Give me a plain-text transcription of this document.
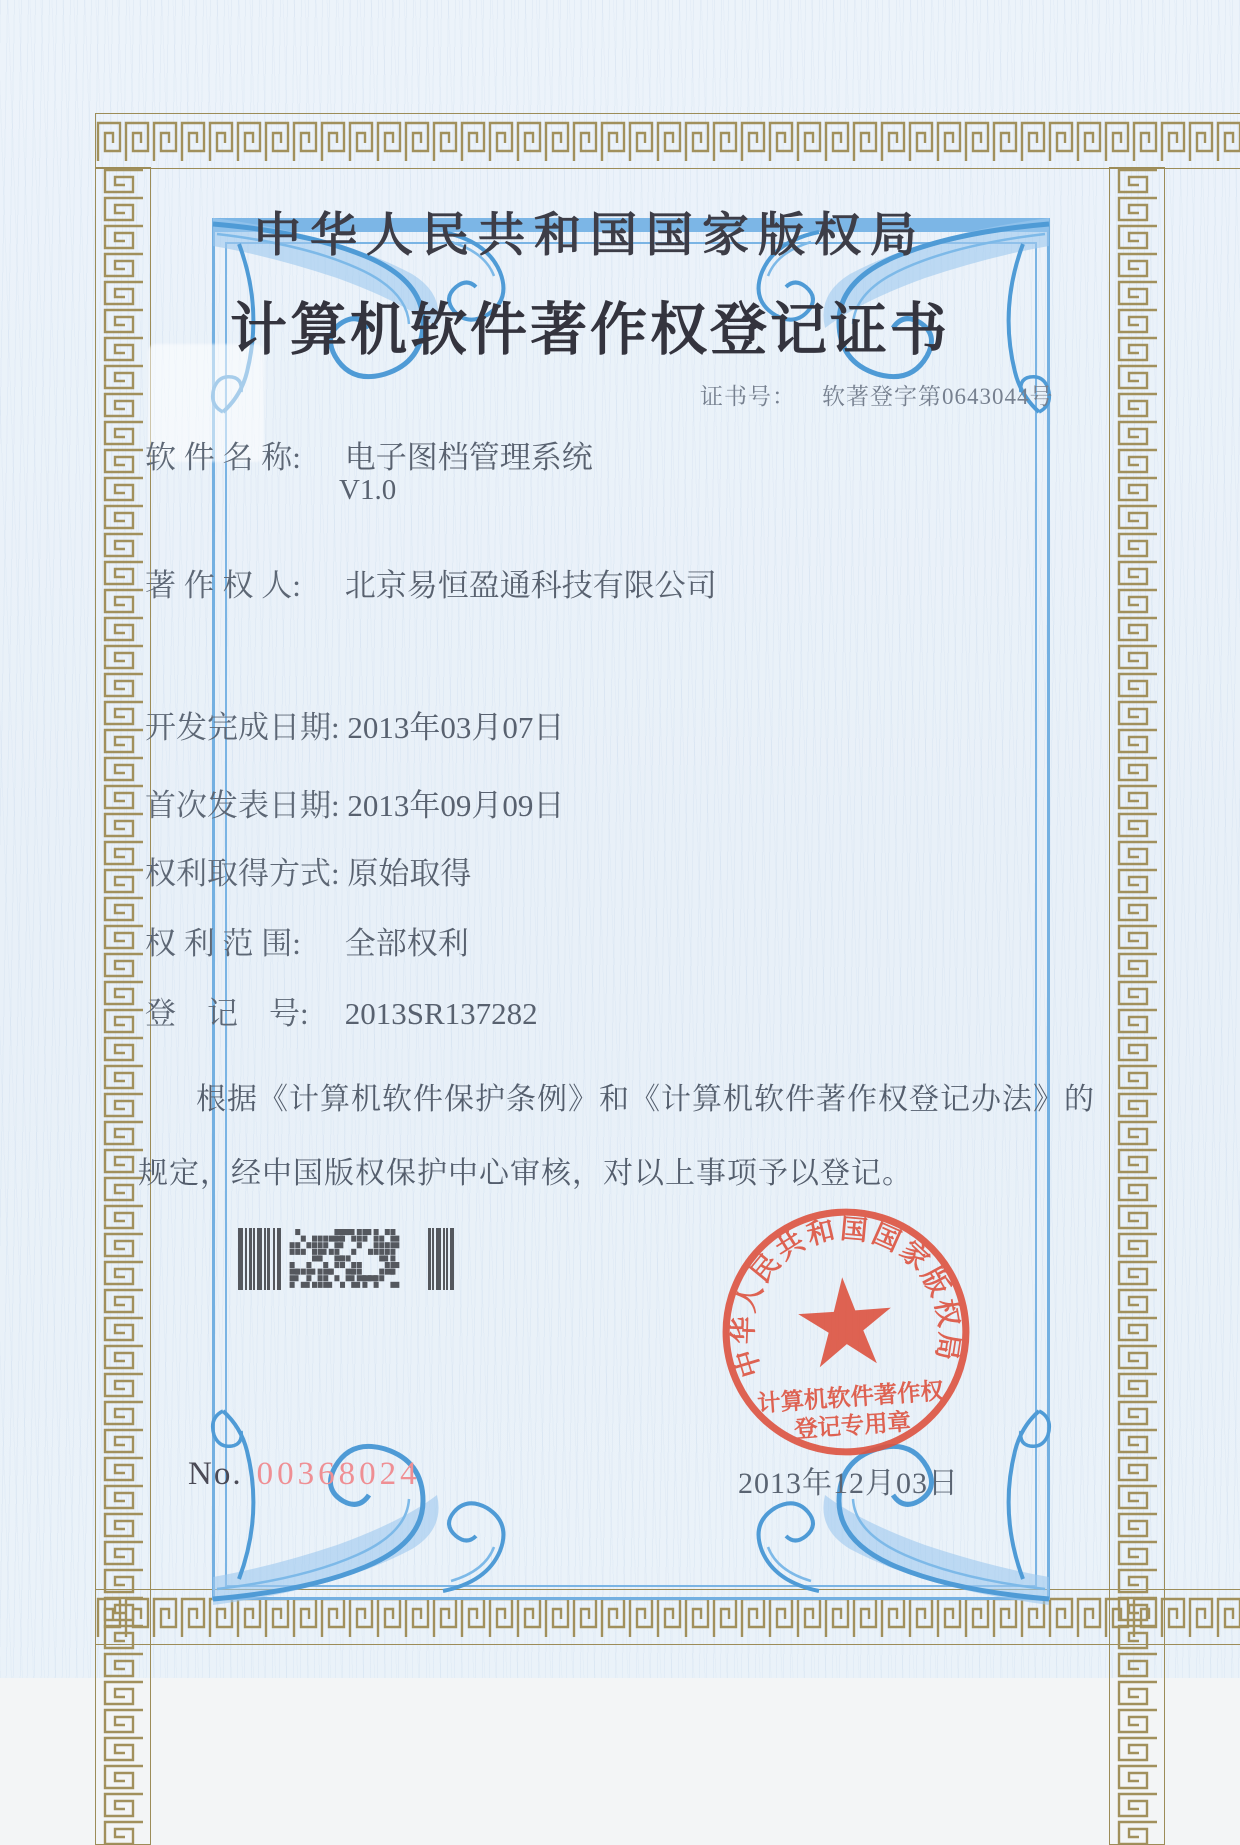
中华人民共和国国家版权局
计算机软件著作权登记证书
证书号： 软著登字第0643044号
软 件 名 称: 电子图档管理系统
V1.0
著 作 权 人: 北京易恒盈通科技有限公司
开发完成日期: 2013年03月07日
首次发表日期: 2013年09月09日
权利取得方式: 原始取得
权 利 范 围: 全部权利
登　记　号: 2013SR137282
根据《计算机软件保护条例》和《计算机软件著作权登记办法》的
规定，经中国版权保护中心审核，对以上事项予以登记。
中华人民共和国国家版权局
计算机软件著作权
登记专用章
No. 00368024	2013年12月03日
